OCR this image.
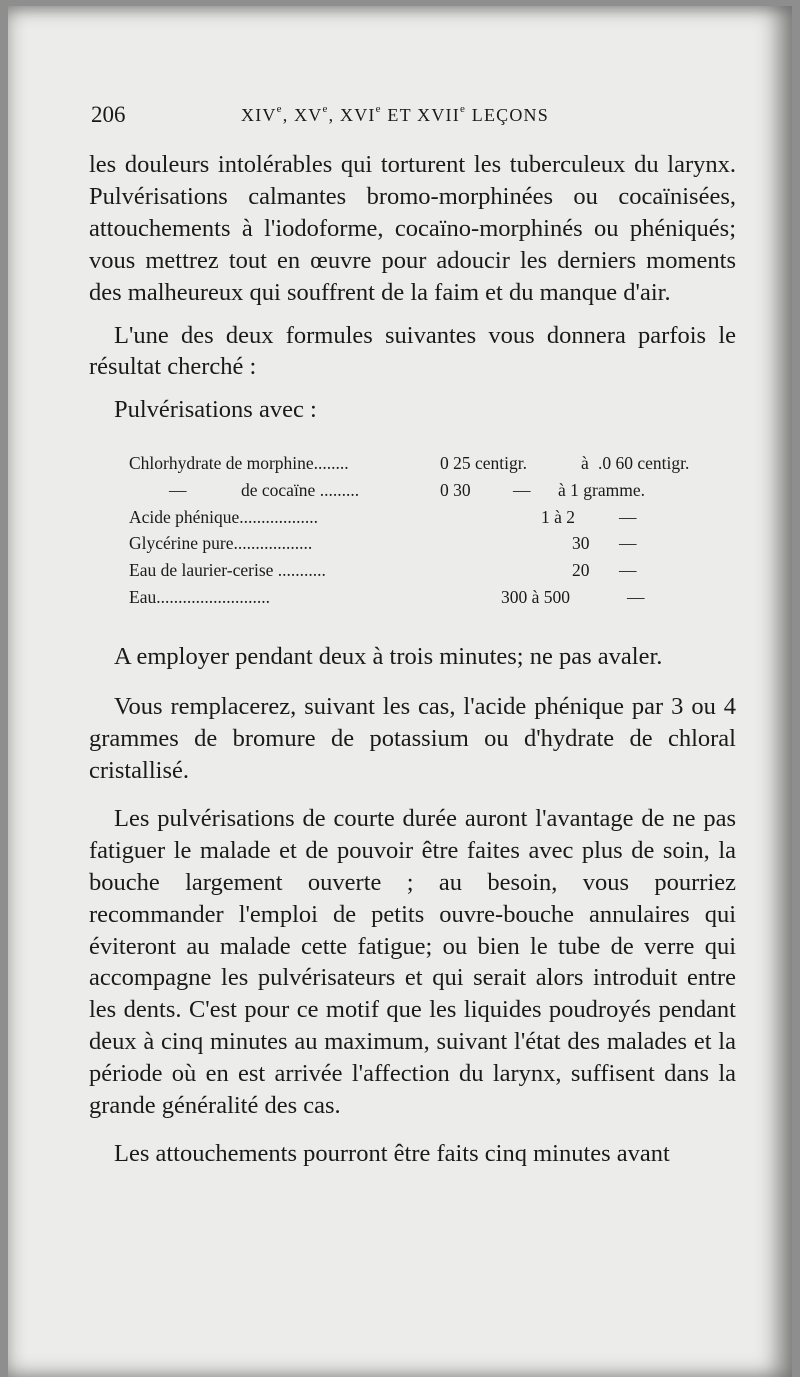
206	XIVe, XVe, XVIe ET XVIIe LEÇONS

les douleurs intolérables qui torturent les tuberculeux du larynx. Pulvérisations calmantes bromo-morphinées ou cocaïnisées, attouchements à l'iodoforme, cocaïno-morphinés ou phéniqués; vous mettrez tout en œuvre pour adoucir les derniers moments des malheureux qui souffrent de la faim et du manque d'air.

L'une des deux formules suivantes vous donnera parfois le résultat cherché :

Pulvérisations avec :

Chlorhydrate de morphine........	0 25 centigr.	à .0 60 centigr.
—	de cocaïne .........	0 30 — à 1 gramme.
Acide phénique..................	1 à 2	—
Glycérine pure..................	30 —
Eau de laurier-cerise ...........	20 —
Eau..........................	300 à 500	—

A employer pendant deux à trois minutes; ne pas avaler.

Vous remplacerez, suivant les cas, l'acide phénique par 3 ou 4 grammes de bromure de potassium ou d'hydrate de chloral cristallisé.

Les pulvérisations de courte durée auront l'avantage de ne pas fatiguer le malade et de pouvoir être faites avec plus de soin, la bouche largement ouverte ; au besoin, vous pourriez recommander l'emploi de petits ouvre-bouche annulaires qui éviteront au malade cette fatigue; ou bien le tube de verre qui accompagne les pulvérisateurs et qui serait alors introduit entre les dents. C'est pour ce motif que les liquides poudroyés pendant deux à cinq minutes au maximum, suivant l'état des malades et la période où en est arrivée l'affection du larynx, suffisent dans la grande généralité des cas.

Les attouchements pourront être faits cinq minutes avant
